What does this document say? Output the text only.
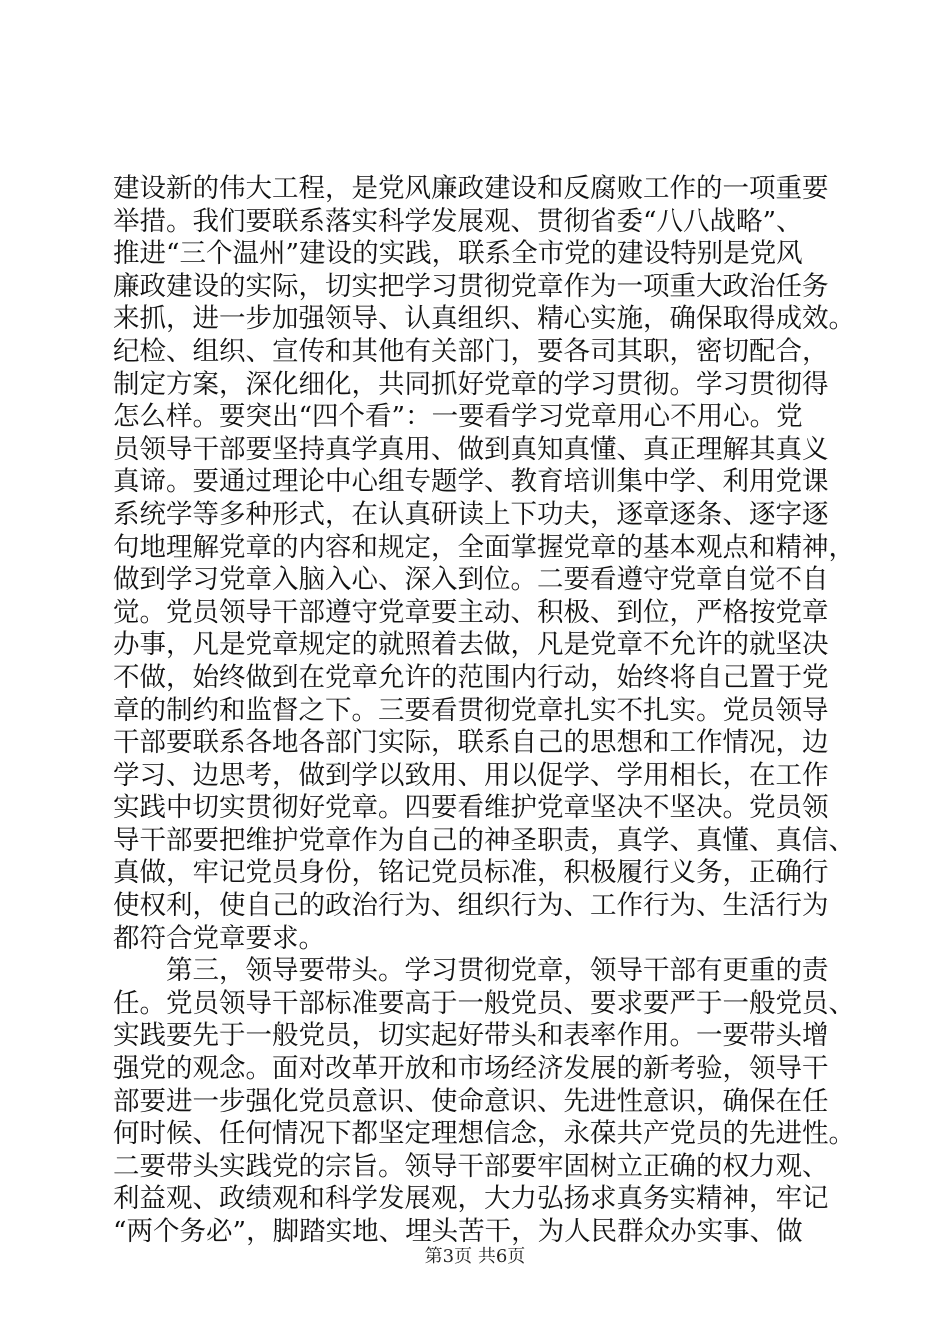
建设新的伟大工程，是党风廉政建设和反腐败工作的一项重要
举措。我们要联系落实科学发展观、贯彻省委“八八战略”、
推进“三个温州”建设的实践，联系全市党的建设特别是党风
廉政建设的实际，切实把学习贯彻党章作为一项重大政治任务
来抓，进一步加强领导、认真组织、精心实施，确保取得成效。
纪检、组织、宣传和其他有关部门，要各司其职，密切配合，
制定方案，深化细化，共同抓好党章的学习贯彻。学习贯彻得
怎么样。要突出“四个看”：一要看学习党章用心不用心。党
员领导干部要坚持真学真用、做到真知真懂、真正理解其真义
真谛。要通过理论中心组专题学、教育培训集中学、利用党课
系统学等多种形式，在认真研读上下功夫，逐章逐条、逐字逐
句地理解党章的内容和规定，全面掌握党章的基本观点和精神，
做到学习党章入脑入心、深入到位。二要看遵守党章自觉不自
觉。党员领导干部遵守党章要主动、积极、到位，严格按党章
办事，凡是党章规定的就照着去做，凡是党章不允许的就坚决
不做，始终做到在党章允许的范围内行动，始终将自己置于党
章的制约和监督之下。三要看贯彻党章扎实不扎实。党员领导
干部要联系各地各部门实际，联系自己的思想和工作情况，边
学习、边思考，做到学以致用、用以促学、学用相长，在工作
实践中切实贯彻好党章。四要看维护党章坚决不坚决。党员领
导干部要把维护党章作为自己的神圣职责，真学、真懂、真信、
真做，牢记党员身份，铭记党员标准，积极履行义务，正确行
使权利，使自己的政治行为、组织行为、工作行为、生活行为
都符合党章要求。
　　第三，领导要带头。学习贯彻党章，领导干部有更重的责
任。党员领导干部标准要高于一般党员、要求要严于一般党员、
实践要先于一般党员，切实起好带头和表率作用。一要带头增
强党的观念。面对改革开放和市场经济发展的新考验，领导干
部要进一步强化党员意识、使命意识、先进性意识，确保在任
何时候、任何情况下都坚定理想信念，永葆共产党员的先进性。
二要带头实践党的宗旨。领导干部要牢固树立正确的权力观、
利益观、政绩观和科学发展观，大力弘扬求真务实精神，牢记
“两个务必”，脚踏实地、埋头苦干，为人民群众办实事、做
第3页 共6页
